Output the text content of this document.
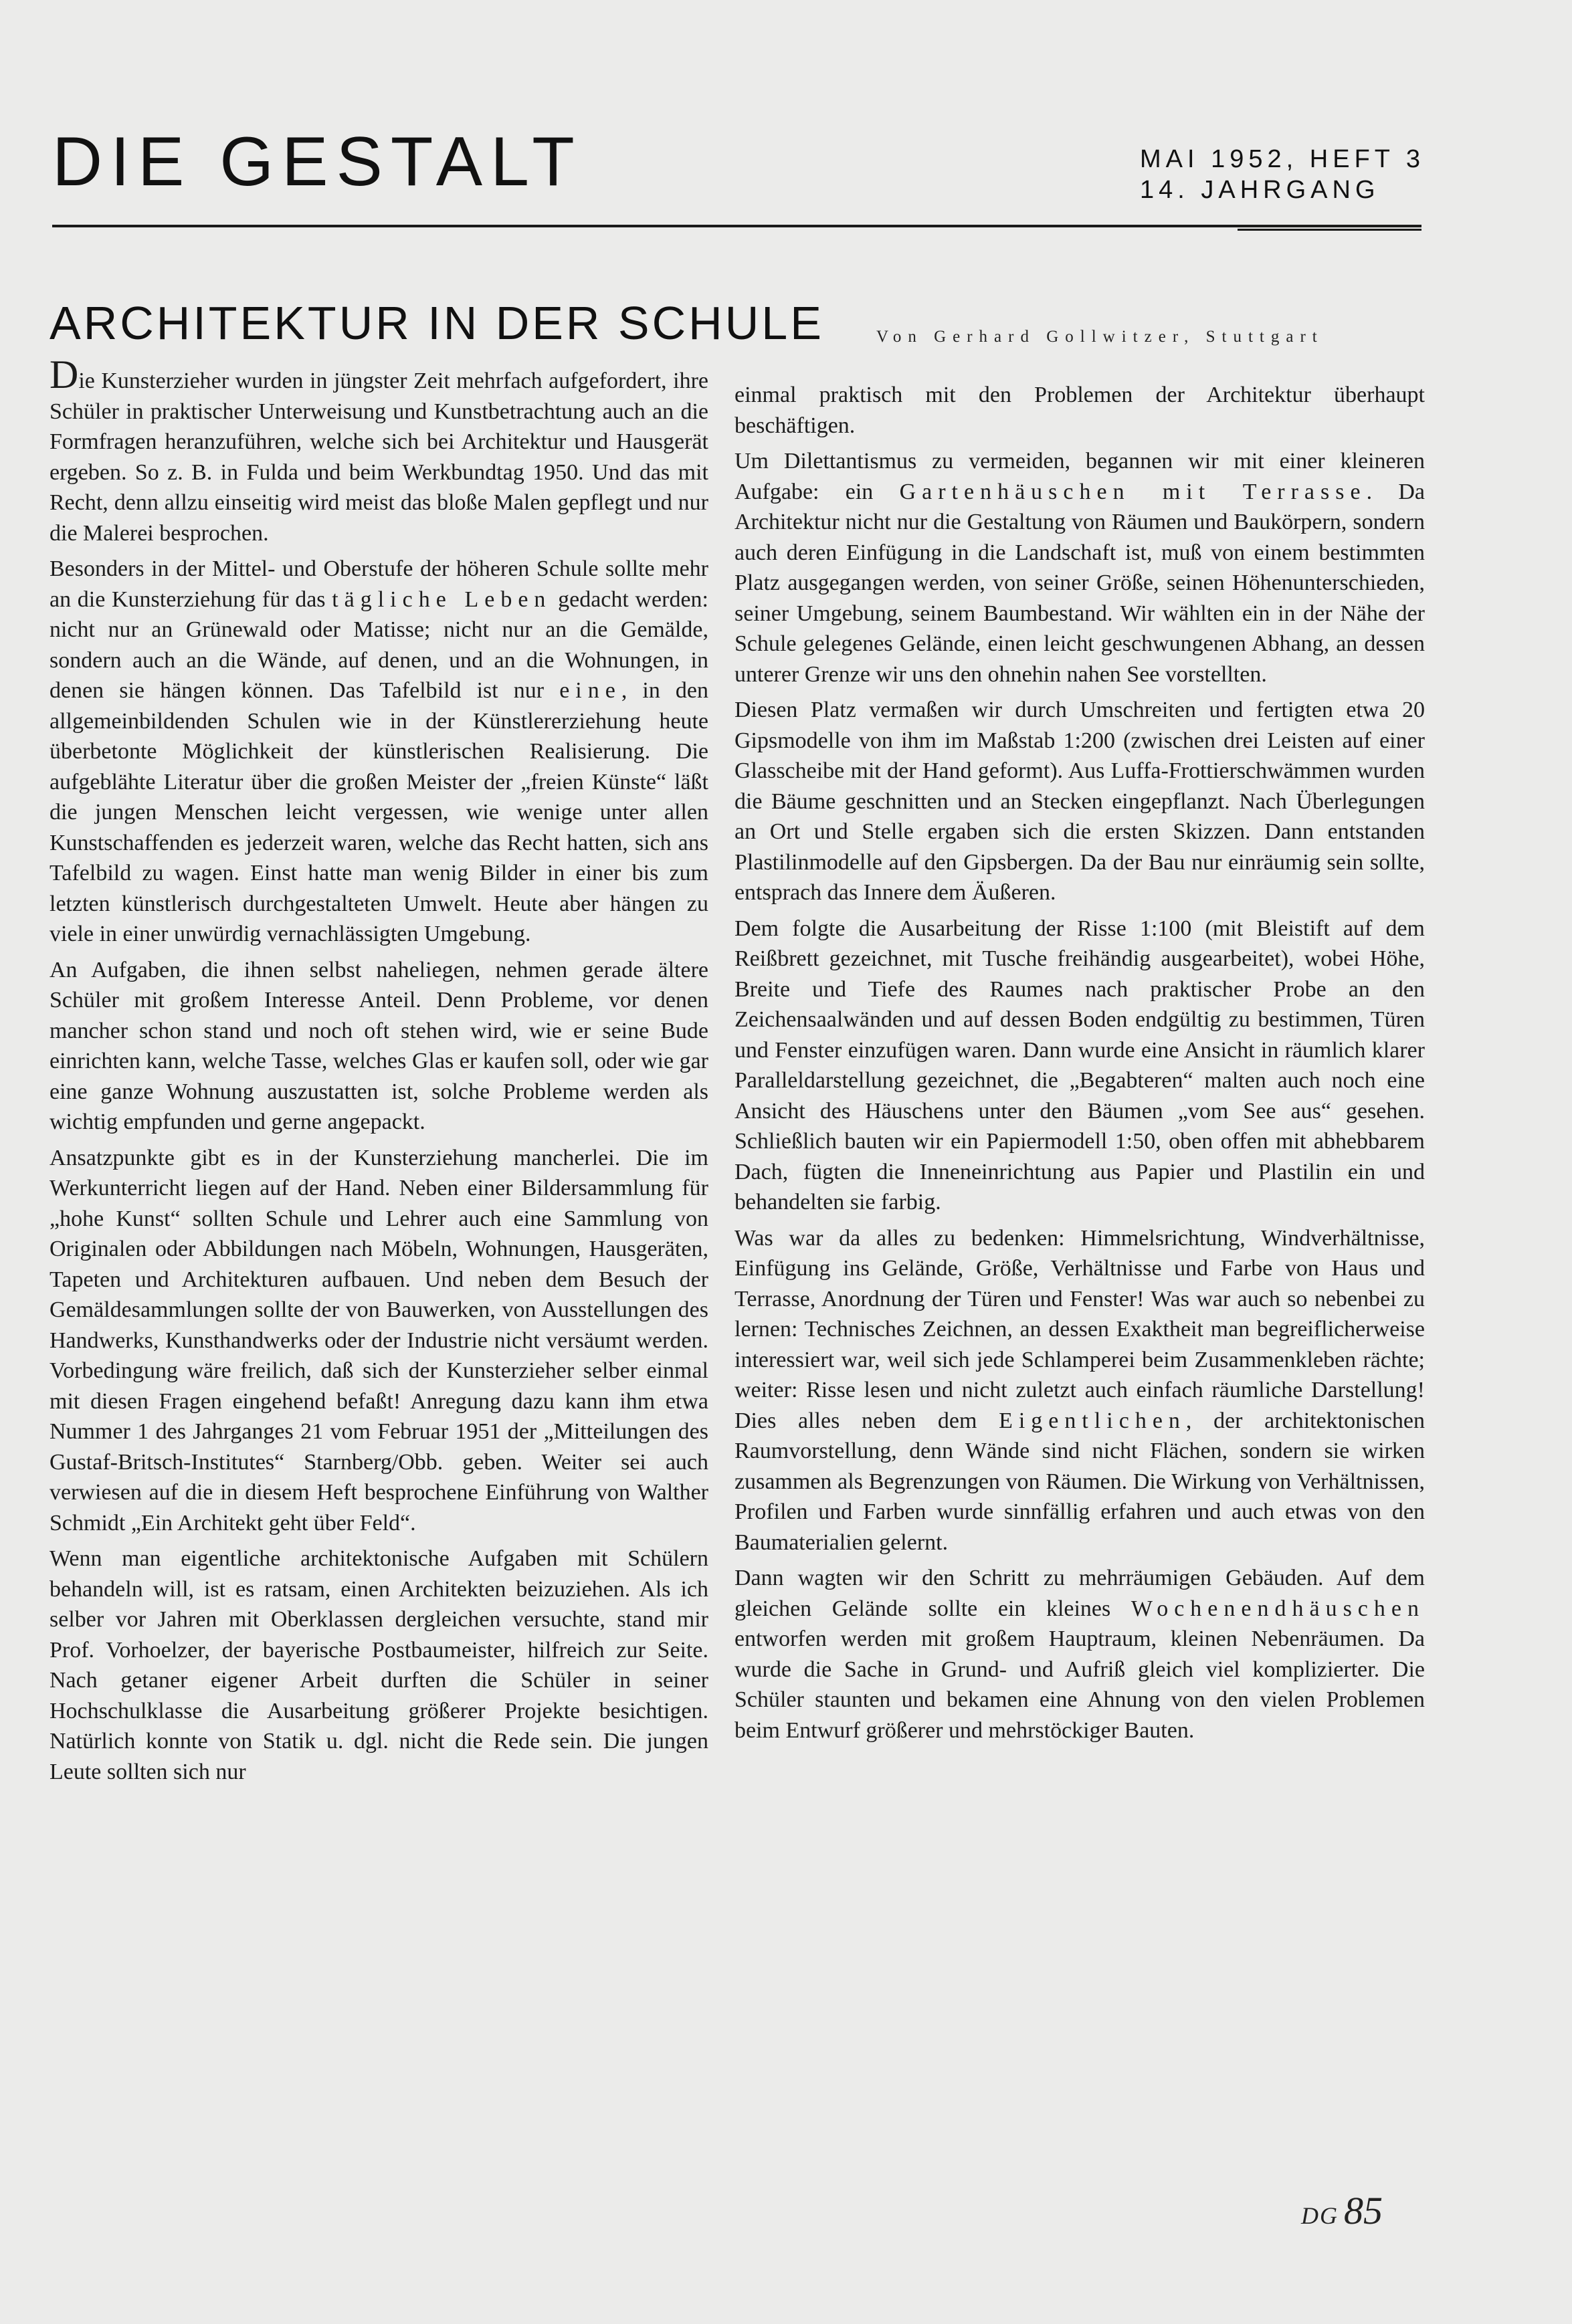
DIE GESTALT	MAI 1952, HEFT 3
14. JAHRGANG
ARCHITEKTUR IN DER SCHULE	Von Gerhard Gollwitzer, Stuttgart

Die Kunsterzieher wurden in jüngster Zeit mehrfach aufgefordert, ihre Schüler in praktischer Unterweisung und Kunstbetrachtung auch an die Formfragen heranzuführen, welche sich bei Architektur und Hausgerät ergeben. So z. B. in Fulda und beim Werkbundtag 1950. Und das mit Recht, denn allzu einseitig wird meist das bloße Malen gepflegt und nur die Malerei besprochen.

Besonders in der Mittel- und Oberstufe der höheren Schule sollte mehr an die Kunsterziehung für das tägliche Leben gedacht werden: nicht nur an Grünewald oder Matisse; nicht nur an die Gemälde, sondern auch an die Wände, auf denen, und an die Wohnungen, in denen sie hängen können. Das Tafelbild ist nur eine, in den allgemeinbildenden Schulen wie in der Künstlererziehung heute überbetonte Möglichkeit der künstlerischen Realisierung. Die aufgeblähte Literatur über die großen Meister der „freien Künste“ läßt die jungen Menschen leicht vergessen, wie wenige unter allen Kunstschaffenden es jederzeit waren, welche das Recht hatten, sich ans Tafelbild zu wagen. Einst hatte man wenig Bilder in einer bis zum letzten künstlerisch durchgestalteten Umwelt. Heute aber hängen zu viele in einer unwürdig vernachlässigten Umgebung.

An Aufgaben, die ihnen selbst naheliegen, nehmen gerade ältere Schüler mit großem Interesse Anteil. Denn Probleme, vor denen mancher schon stand und noch oft stehen wird, wie er seine Bude einrichten kann, welche Tasse, welches Glas er kaufen soll, oder wie gar eine ganze Wohnung auszustatten ist, solche Probleme werden als wichtig empfunden und gerne angepackt.

Ansatzpunkte gibt es in der Kunsterziehung mancherlei. Die im Werkunterricht liegen auf der Hand. Neben einer Bildersammlung für „hohe Kunst“ sollten Schule und Lehrer auch eine Sammlung von Originalen oder Abbildungen nach Möbeln, Wohnungen, Hausgeräten, Tapeten und Architekturen aufbauen. Und neben dem Besuch der Gemäldesammlungen sollte der von Bauwerken, von Ausstellungen des Handwerks, Kunsthandwerks oder der Industrie nicht versäumt werden. Vorbedingung wäre freilich, daß sich der Kunsterzieher selber einmal mit diesen Fragen eingehend befaßt! Anregung dazu kann ihm etwa Nummer 1 des Jahrganges 21 vom Februar 1951 der „Mitteilungen des Gustaf-Britsch-Institutes“ Starnberg/Obb. geben. Weiter sei auch verwiesen auf die in diesem Heft besprochene Einführung von Walther Schmidt „Ein Architekt geht über Feld“.

Wenn man eigentliche architektonische Aufgaben mit Schülern behandeln will, ist es ratsam, einen Architekten beizuziehen. Als ich selber vor Jahren mit Oberklassen dergleichen versuchte, stand mir Prof. Vorhoelzer, der bayerische Postbaumeister, hilfreich zur Seite. Nach getaner eigener Arbeit durften die Schüler in seiner Hochschulklasse die Ausarbeitung größerer Projekte besichtigen. Natürlich konnte von Statik u. dgl. nicht die Rede sein. Die jungen Leute sollten sich nur

einmal praktisch mit den Problemen der Architektur überhaupt beschäftigen.

Um Dilettantismus zu vermeiden, begannen wir mit einer kleineren Aufgabe: ein Gartenhäuschen mit Terrasse. Da Architektur nicht nur die Gestaltung von Räumen und Baukörpern, sondern auch deren Einfügung in die Landschaft ist, muß von einem bestimmten Platz ausgegangen werden, von seiner Größe, seinen Höhenunterschieden, seiner Umgebung, seinem Baumbestand. Wir wählten ein in der Nähe der Schule gelegenes Gelände, einen leicht geschwungenen Abhang, an dessen unterer Grenze wir uns den ohnehin nahen See vorstellten.

Diesen Platz vermaßen wir durch Umschreiten und fertigten etwa 20 Gipsmodelle von ihm im Maßstab 1:200 (zwischen drei Leisten auf einer Glasscheibe mit der Hand geformt). Aus Luffa-Frottierschwämmen wurden die Bäume geschnitten und an Stecken eingepflanzt. Nach Überlegungen an Ort und Stelle ergaben sich die ersten Skizzen. Dann entstanden Plastilinmodelle auf den Gipsbergen. Da der Bau nur einräumig sein sollte, entsprach das Innere dem Äußeren.

Dem folgte die Ausarbeitung der Risse 1:100 (mit Bleistift auf dem Reißbrett gezeichnet, mit Tusche freihändig ausgearbeitet), wobei Höhe, Breite und Tiefe des Raumes nach praktischer Probe an den Zeichensaalwänden und auf dessen Boden endgültig zu bestimmen, Türen und Fenster einzufügen waren. Dann wurde eine Ansicht in räumlich klarer Paralleldarstellung gezeichnet, die „Begabteren“ malten auch noch eine Ansicht des Häuschens unter den Bäumen „vom See aus“ gesehen. Schließlich bauten wir ein Papiermodell 1:50, oben offen mit abhebbarem Dach, fügten die Inneneinrichtung aus Papier und Plastilin ein und behandelten sie farbig.

Was war da alles zu bedenken: Himmelsrichtung, Windverhältnisse, Einfügung ins Gelände, Größe, Verhältnisse und Farbe von Haus und Terrasse, Anordnung der Türen und Fenster! Was war auch so nebenbei zu lernen: Technisches Zeichnen, an dessen Exaktheit man begreiflicherweise interessiert war, weil sich jede Schlamperei beim Zusammenkleben rächte; weiter: Risse lesen und nicht zuletzt auch einfach räumliche Darstellung! Dies alles neben dem Eigentlichen, der architektonischen Raumvorstellung, denn Wände sind nicht Flächen, sondern sie wirken zusammen als Begrenzungen von Räumen. Die Wirkung von Verhältnissen, Profilen und Farben wurde sinnfällig erfahren und auch etwas von den Baumaterialien gelernt.

Dann wagten wir den Schritt zu mehrräumigen Gebäuden. Auf dem gleichen Gelände sollte ein kleines Wochenendhäuschen entworfen werden mit großem Hauptraum, kleinen Nebenräumen. Da wurde die Sache in Grund- und Aufriß gleich viel komplizierter. Die Schüler staunten und bekamen eine Ahnung von den vielen Problemen beim Entwurf größerer und mehrstöckiger Bauten.

DG 85
